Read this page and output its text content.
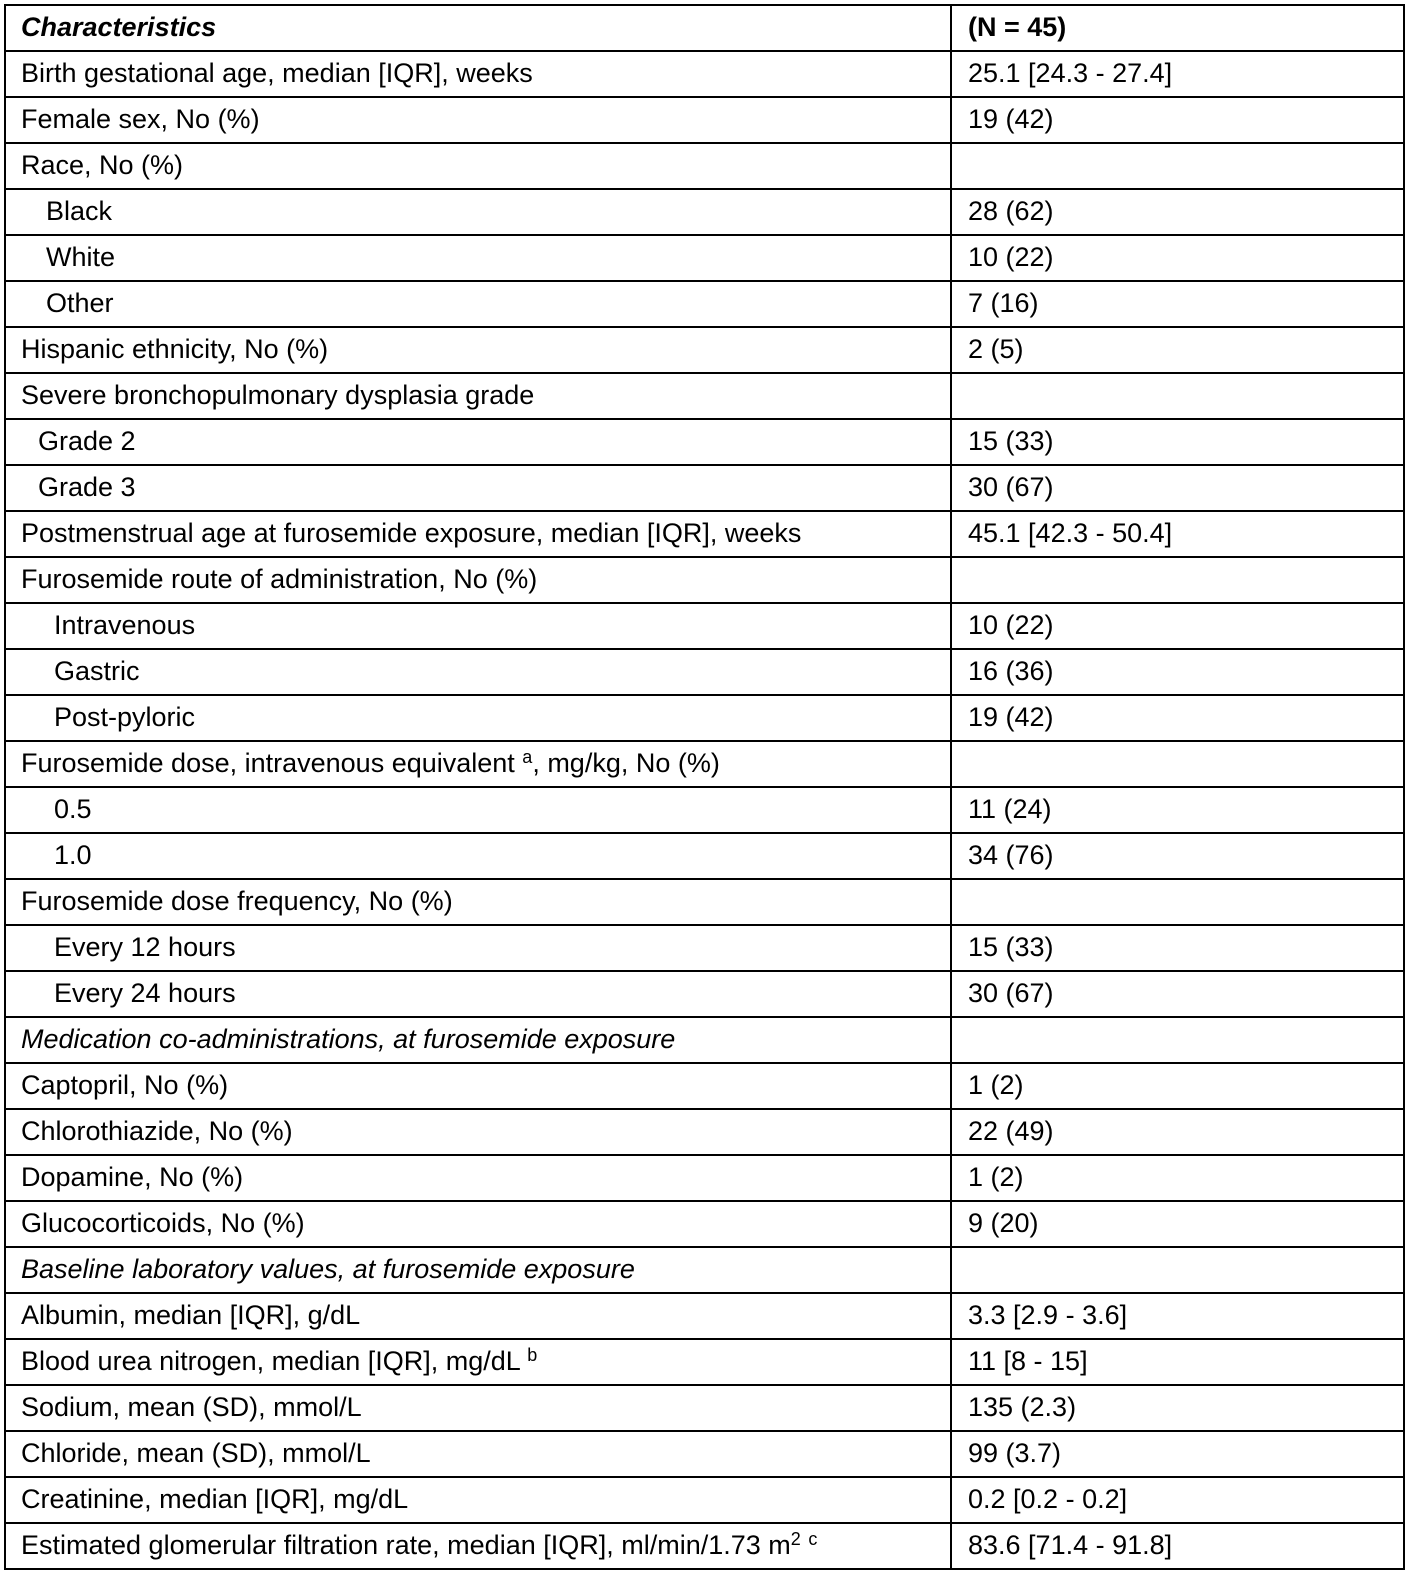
Characteristics	(N = 45)
Birth gestational age, median [IQR], weeks	25.1 [24.3 - 27.4]
Female sex, No (%)	19 (42)
Race, No (%)	
Black	28 (62)
White	10 (22)
Other	7 (16)
Hispanic ethnicity, No (%)	2 (5)
Severe bronchopulmonary dysplasia grade	
Grade 2	15 (33)
Grade 3	30 (67)
Postmenstrual age at furosemide exposure, median [IQR], weeks	45.1 [42.3 - 50.4]
Furosemide route of administration, No (%)	
Intravenous	10 (22)
Gastric	16 (36)
Post-pyloric	19 (42)
Furosemide dose, intravenous equivalent $^a$, mg/kg, No (%)	
0.5	11 (24)
1.0	34 (76)
Furosemide dose frequency, No (%)	
Every 12 hours	15 (33)
Every 24 hours	30 (67)
Medication co-administrations, at furosemide exposure	
Captopril, No (%)	1 (2)
Chlorothiazide, No (%)	22 (49)
Dopamine, No (%)	1 (2)
Glucocorticoids, No (%)	9 (20)
Baseline laboratory values, at furosemide exposure	
Albumin, median [IQR], g/dL	3.3 [2.9 - 3.6]
Blood urea nitrogen, median [IQR], mg/dL $^b$	11 [8 - 15]
Sodium, mean (SD), mmol/L	135 (2.3)
Chloride, mean (SD), mmol/L	99 (3.7)
Creatinine, median [IQR], mg/dL	0.2 [0.2 - 0.2]
Estimated glomerular filtration rate, median [IQR], ml/min/1.73 $m^2$ $^c$	83.6 [71.4 - 91.8]
